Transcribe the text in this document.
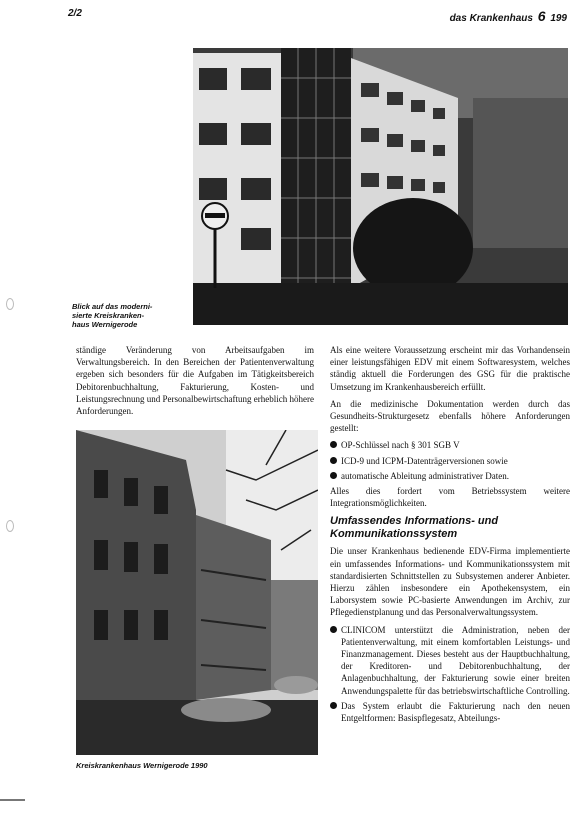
2/2	das Krankenhaus 6 199
Blick auf das moderni-
sierte Kreiskranken-
haus Wernigerode

ständige Veränderung von Arbeitsaufgaben im Verwaltungsbereich. In den Bereichen der Patientenverwaltung ergeben sich besonders für die Aufgaben im Tätigkeitsbereich Debitorenbuchhaltung, Fakturierung, Kosten- und Leistungsrechnung und Personalbewirtschaftung erheblich höhere Anforderungen.

Kreiskrankenhaus Wernigerode 1990

Als eine weitere Voraussetzung erscheint mir das Vorhandensein einer leistungsfähigen EDV mit einem Softwaresystem, welches ständig aktuell die Forderungen des GSG für die praktische Umsetzung im Krankenhausbereich erfüllt.

An die medizinische Dokumentation werden durch das Gesundheits-Strukturgesetz ebenfalls höhere Anforderungen gestellt:

OP-Schlüssel nach § 301 SGB V
ICD-9 und ICPM-Datenträgerversionen sowie
automatische Ableitung administrativer Daten.

Alles dies fordert vom Betriebssystem weitere Integrationsmöglichkeiten.

Umfassendes Informations- und
Kommunikationssystem

Die unser Krankenhaus bedienende EDV-Firma implementierte ein umfassendes Informations- und Kommunikationssystem mit standardisierten Schnittstellen zu Subsystemen anderer Anbieter. Hierzu zählen insbesondere ein Apothekensystem, ein Laborsystem sowie PC-basierte Anwendungen im Archiv, zur Pflegedienstplanung und das Personalverwaltungssystem.

CLINICOM unterstützt die Administration, neben der Patientenverwaltung, mit einem komfortablen Leistungs- und Finanzmanagement. Dieses besteht aus der Hauptbuchhaltung, der Kreditoren- und Debitorenbuchhaltung, der Anlagenbuchhaltung, der Fakturierung sowie einer breiten Anwendungspalette für das betriebswirtschaftliche Controlling.
Das System erlaubt die Fakturierung nach den neuen Entgeltformen: Basispflegesatz, Abteilungs-
